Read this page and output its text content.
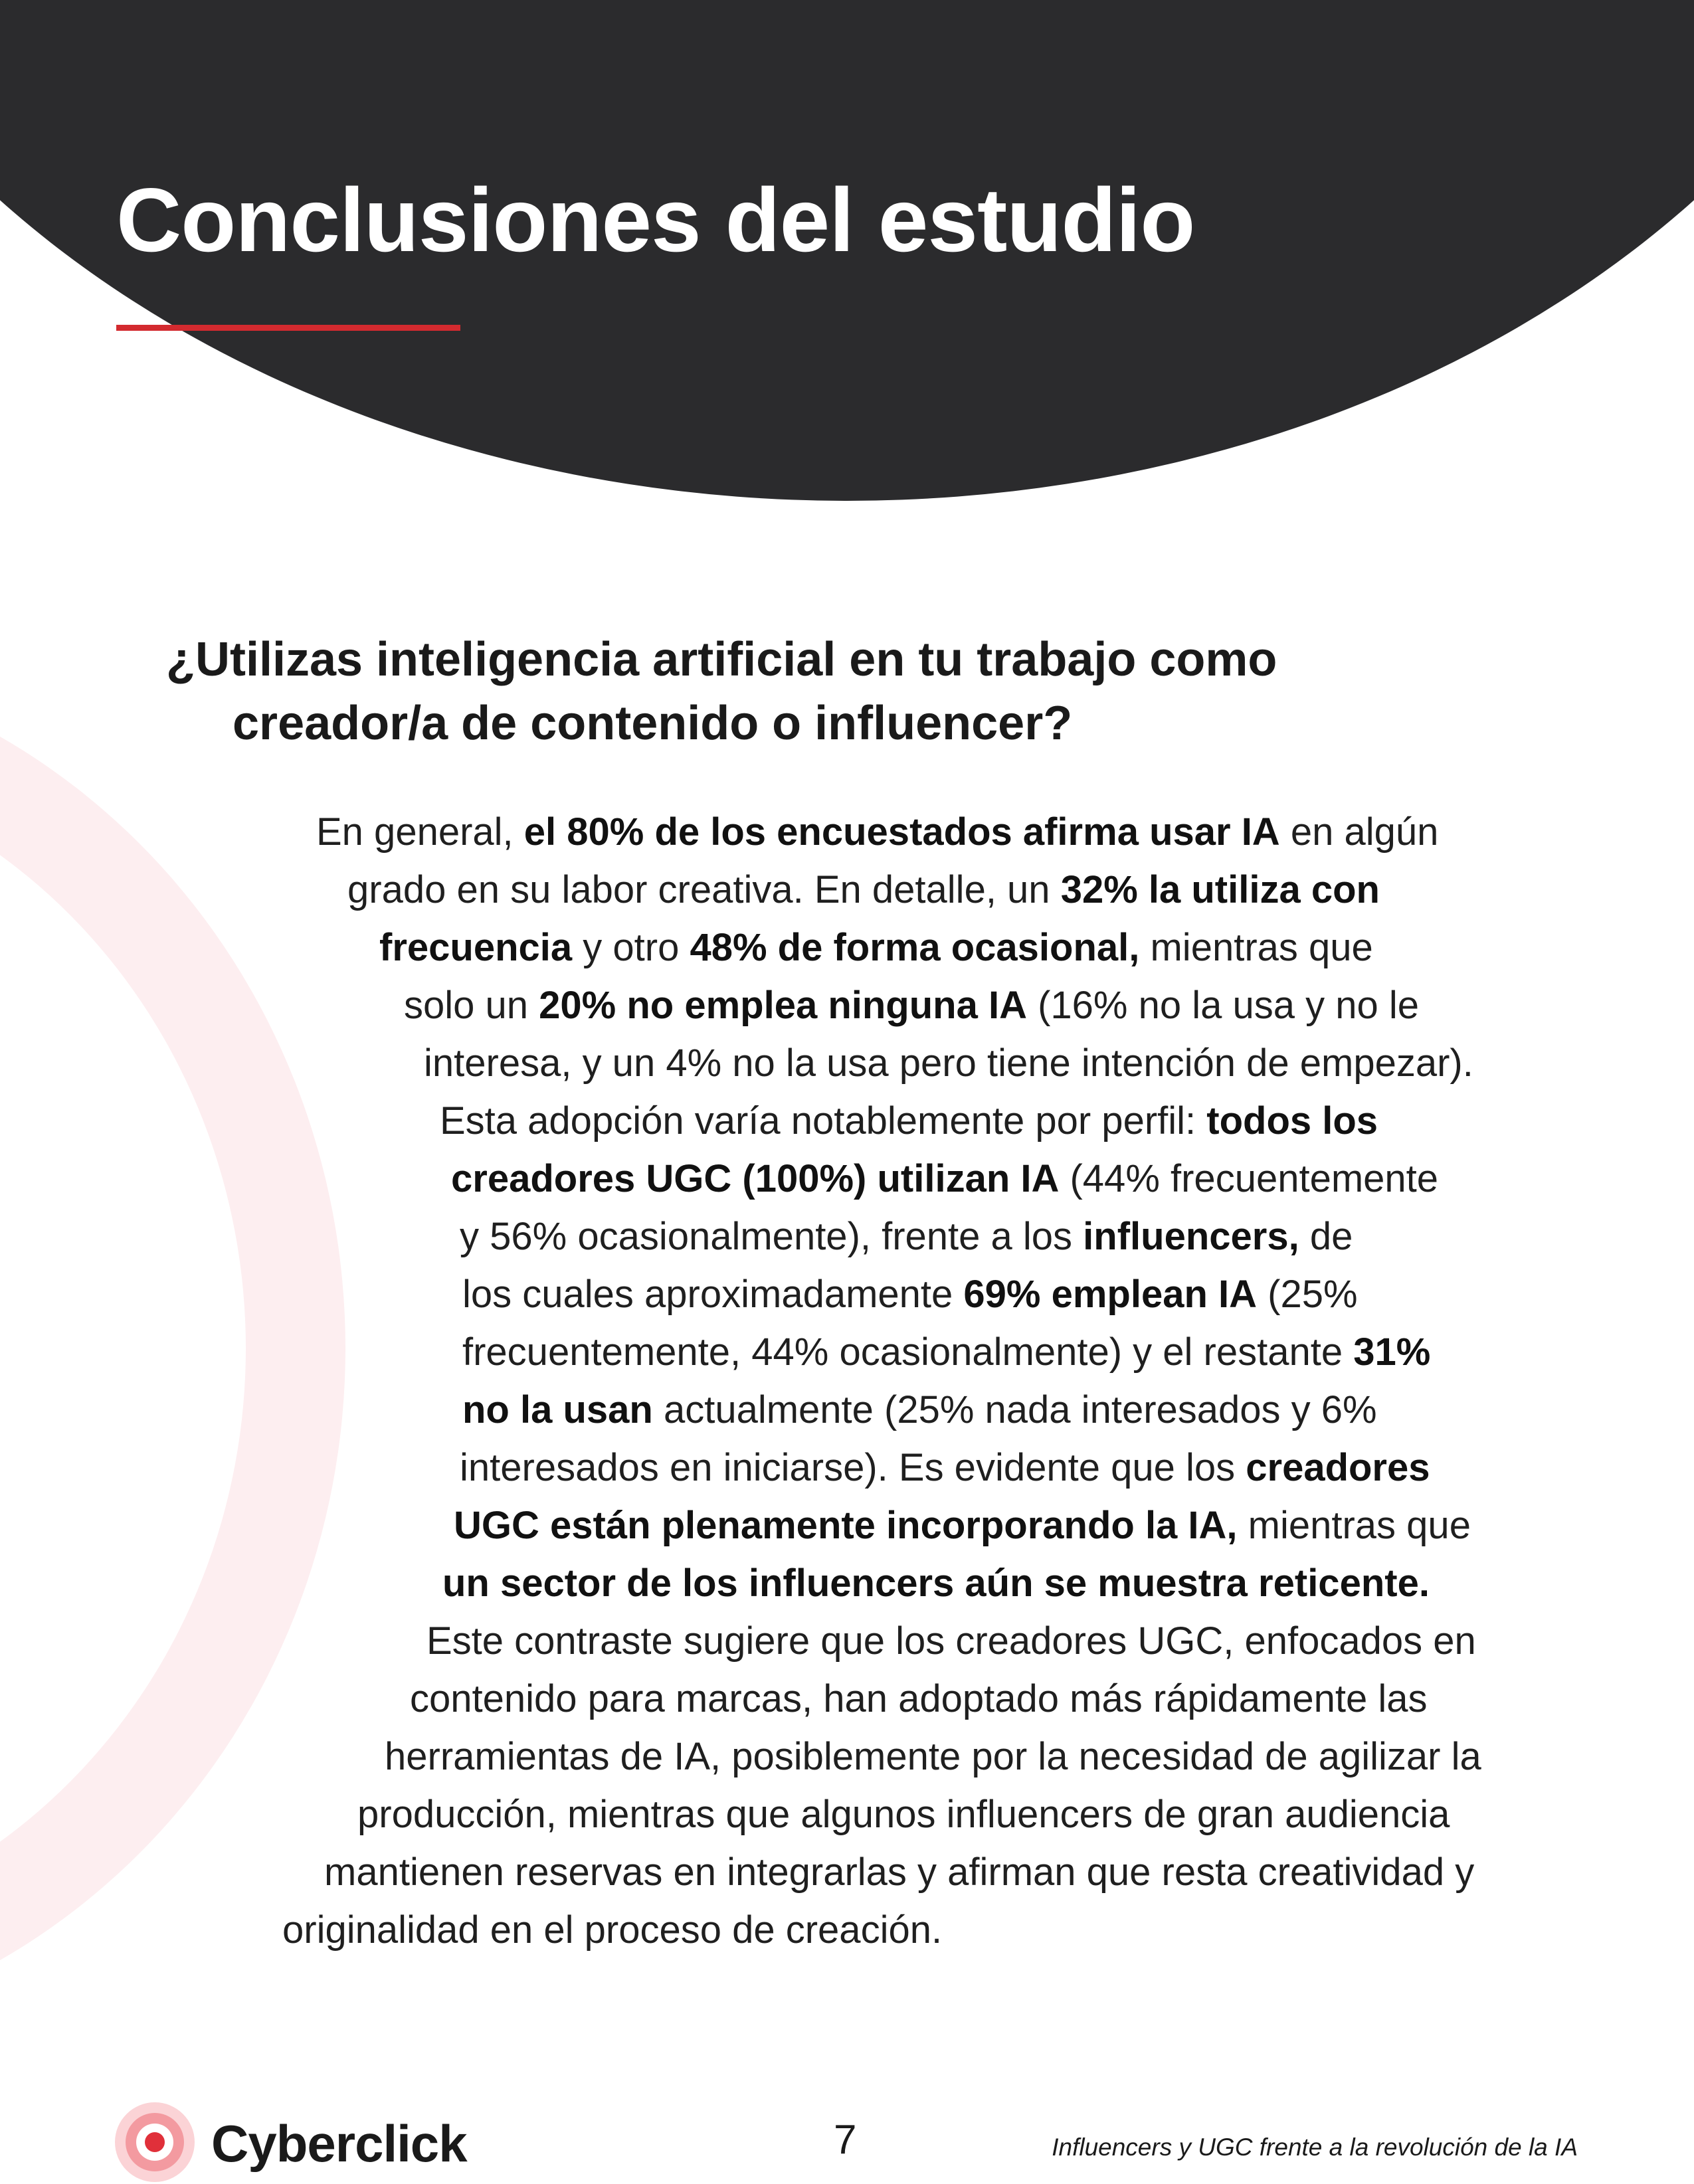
Conclusiones del estudio
¿Utilizas inteligencia artificial en tu trabajo como
creador/a de contenido o influencer?
En general, el 80% de los encuestados afirma usar IA en algún
grado en su labor creativa. En detalle, un 32% la utiliza con
frecuencia y otro 48% de forma ocasional, mientras que
solo un 20% no emplea ninguna IA (16% no la usa y no le
interesa, y un 4% no la usa pero tiene intención de empezar).
Esta adopción varía notablemente por perfil: todos los
creadores UGC (100%) utilizan IA (44% frecuentemente
y 56% ocasionalmente), frente a los influencers, de
los cuales aproximadamente 69% emplean IA (25%
frecuentemente, 44% ocasionalmente) y el restante 31%
no la usan actualmente (25% nada interesados y 6%
interesados en iniciarse). Es evidente que los creadores
UGC están plenamente incorporando la IA, mientras que
un sector de los influencers aún se muestra reticente.
Este contraste sugiere que los creadores UGC, enfocados en
contenido para marcas, han adoptado más rápidamente las
herramientas de IA, posiblemente por la necesidad de agilizar la
producción, mientras que algunos influencers de gran audiencia
mantienen reservas en integrarlas y afirman que resta creatividad y
originalidad en el proceso de creación.
Cyberclick	7	Influencers y UGC frente a la revolución de la IA
